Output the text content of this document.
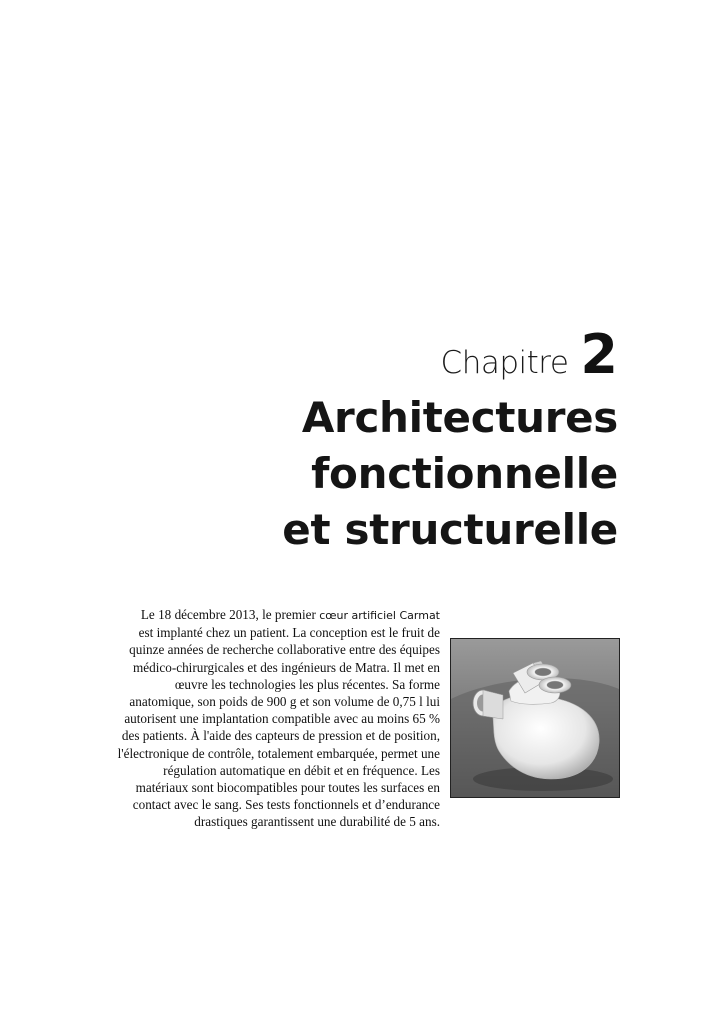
Chapitre 2
Architectures
fonctionnelle
et structurelle
Le 18 décembre 2013, le premier cœur artificiel Carmat
est implanté chez un patient. La conception est le fruit de
quinze années de recherche collaborative entre des équipes
médico-chirurgicales et des ingénieurs de Matra. Il met en
œuvre les technologies les plus récentes. Sa forme
anatomique, son poids de 900 g et son volume de 0,75 l lui
autorisent une implantation compatible avec au moins 65 %
des patients. À l'aide des capteurs de pression et de position,
l'électronique de contrôle, totalement embarquée, permet une
régulation automatique en débit et en fréquence. Les
matériaux sont biocompatibles pour toutes les surfaces en
contact avec le sang. Ses tests fonctionnels et d’endurance
drastiques garantissent une durabilité de 5 ans.
